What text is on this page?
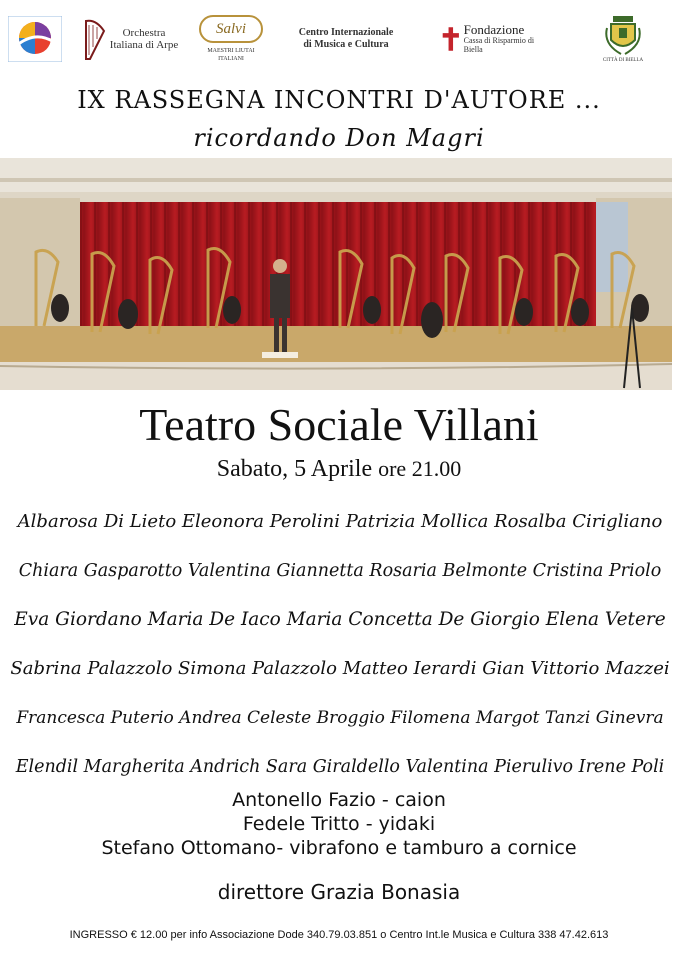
Orchestra Italiana di Arpe
Salvi
MAESTRI LIUTAI ITALIANI
Centro Internazionale di Musica e Cultura
Fondazione
Cassa di Risparmio di Biella
CITTÀ DI BIELLA
IX RASSEGNA INCONTRI D'AUTORE ...
ricordando Don Magri
Teatro Sociale Villani
Sabato, 5 Aprile ore 21.00
Albarosa Di Lieto Eleonora Perolini Patrizia Mollica Rosalba Cirigliano
Chiara Gasparotto Valentina Giannetta Rosaria Belmonte Cristina Priolo
Eva Giordano Maria De Iaco Maria Concetta De Giorgio Elena Vetere
Sabrina Palazzolo Simona Palazzolo Matteo Ierardi Gian Vittorio Mazzei
Francesca Puterio Andrea Celeste Broggio Filomena Margot Tanzi Ginevra
Elendil Margherita Andrich Sara Giraldello Valentina Pierulivo Irene Poli
Antonello Fazio - caion
Fedele Tritto - yidaki
Stefano Ottomano- vibrafono e tamburo a cornice
direttore Grazia Bonasia
INGRESSO € 12.00 per info Associazione Dode 340.79.03.851 o Centro Int.le Musica e Cultura 338 47.42.613
